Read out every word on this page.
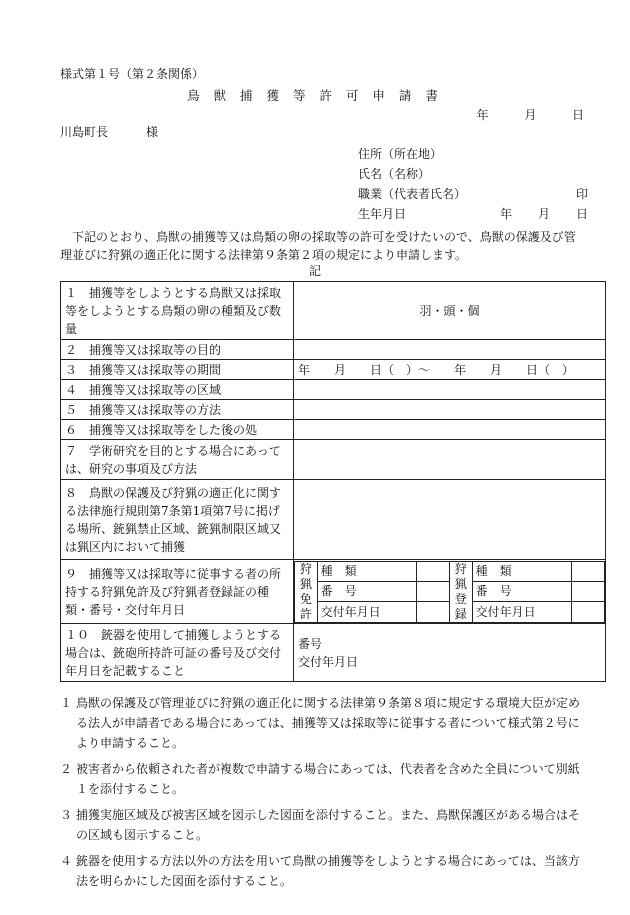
様式第１号（第２条関係）
鳥 獣 捕 獲 等 許 可 申 請 書
年	月	日
川島町長	様
住所（所在地）
氏名（名称）
職業（代表者氏名）	印
生年月日	年 月 日
　下記のとおり、鳥獣の捕獲等又は鳥類の卵の採取等の許可を受けたいので、鳥獣の保護及び管理並びに狩猟の適正化に関する法律第９条第２項の規定により申請します。
記
１　捕獲等をしようとする鳥獣又は採取等をしようとする鳥類の卵の種類及び数量	羽・頭・個
２　捕獲等又は採取等の目的	
３　捕獲等又は採取等の期間	年　　月　　日（　）～　　年　　月　　日（　）
４　捕獲等又は採取等の区域	
５　捕獲等又は採取等の方法	
６　捕獲等又は採取等をした後の処	
７　学術研究を目的とする場合にあっては、研究の事項及び方法	
８　鳥獣の保護及び狩猟の適正化に関する法律施行規則第7条第1項第7号に掲げる場所、銃猟禁止区域、銃猟制限区域又は猟区内において捕獲	
９　捕獲等又は採取等に従事する者の所持する狩猟免許及び狩猟者登録証の種類・番号・交付年月日	
狩猟免許	種　類		狩猟登録	種　類	
番　号		番　号	
交付年月日		交付年月日	

１０　銃器を使用して捕獲しようとする場合は、銃砲所持許可証の番号及び交付年月日を記載すること	
番号
交付年月日
１ 鳥獣の保護及び管理並びに狩猟の適正化に関する法律第９条第８項に規定する環境大臣が定める法人が申請者である場合にあっては、捕獲等又は採取等に従事する者について様式第２号により申請すること。
２ 被害者から依頼された者が複数で申請する場合にあっては、代表者を含めた全員について別紙１を添付すること。
３ 捕獲実施区域及び被害区域を図示した図面を添付すること。また、鳥獣保護区がある場合はその区域も図示すること。
４ 銃器を使用する方法以外の方法を用いて鳥獣の捕獲等をしようとする場合にあっては、当該方法を明らかにした図面を添付すること。
